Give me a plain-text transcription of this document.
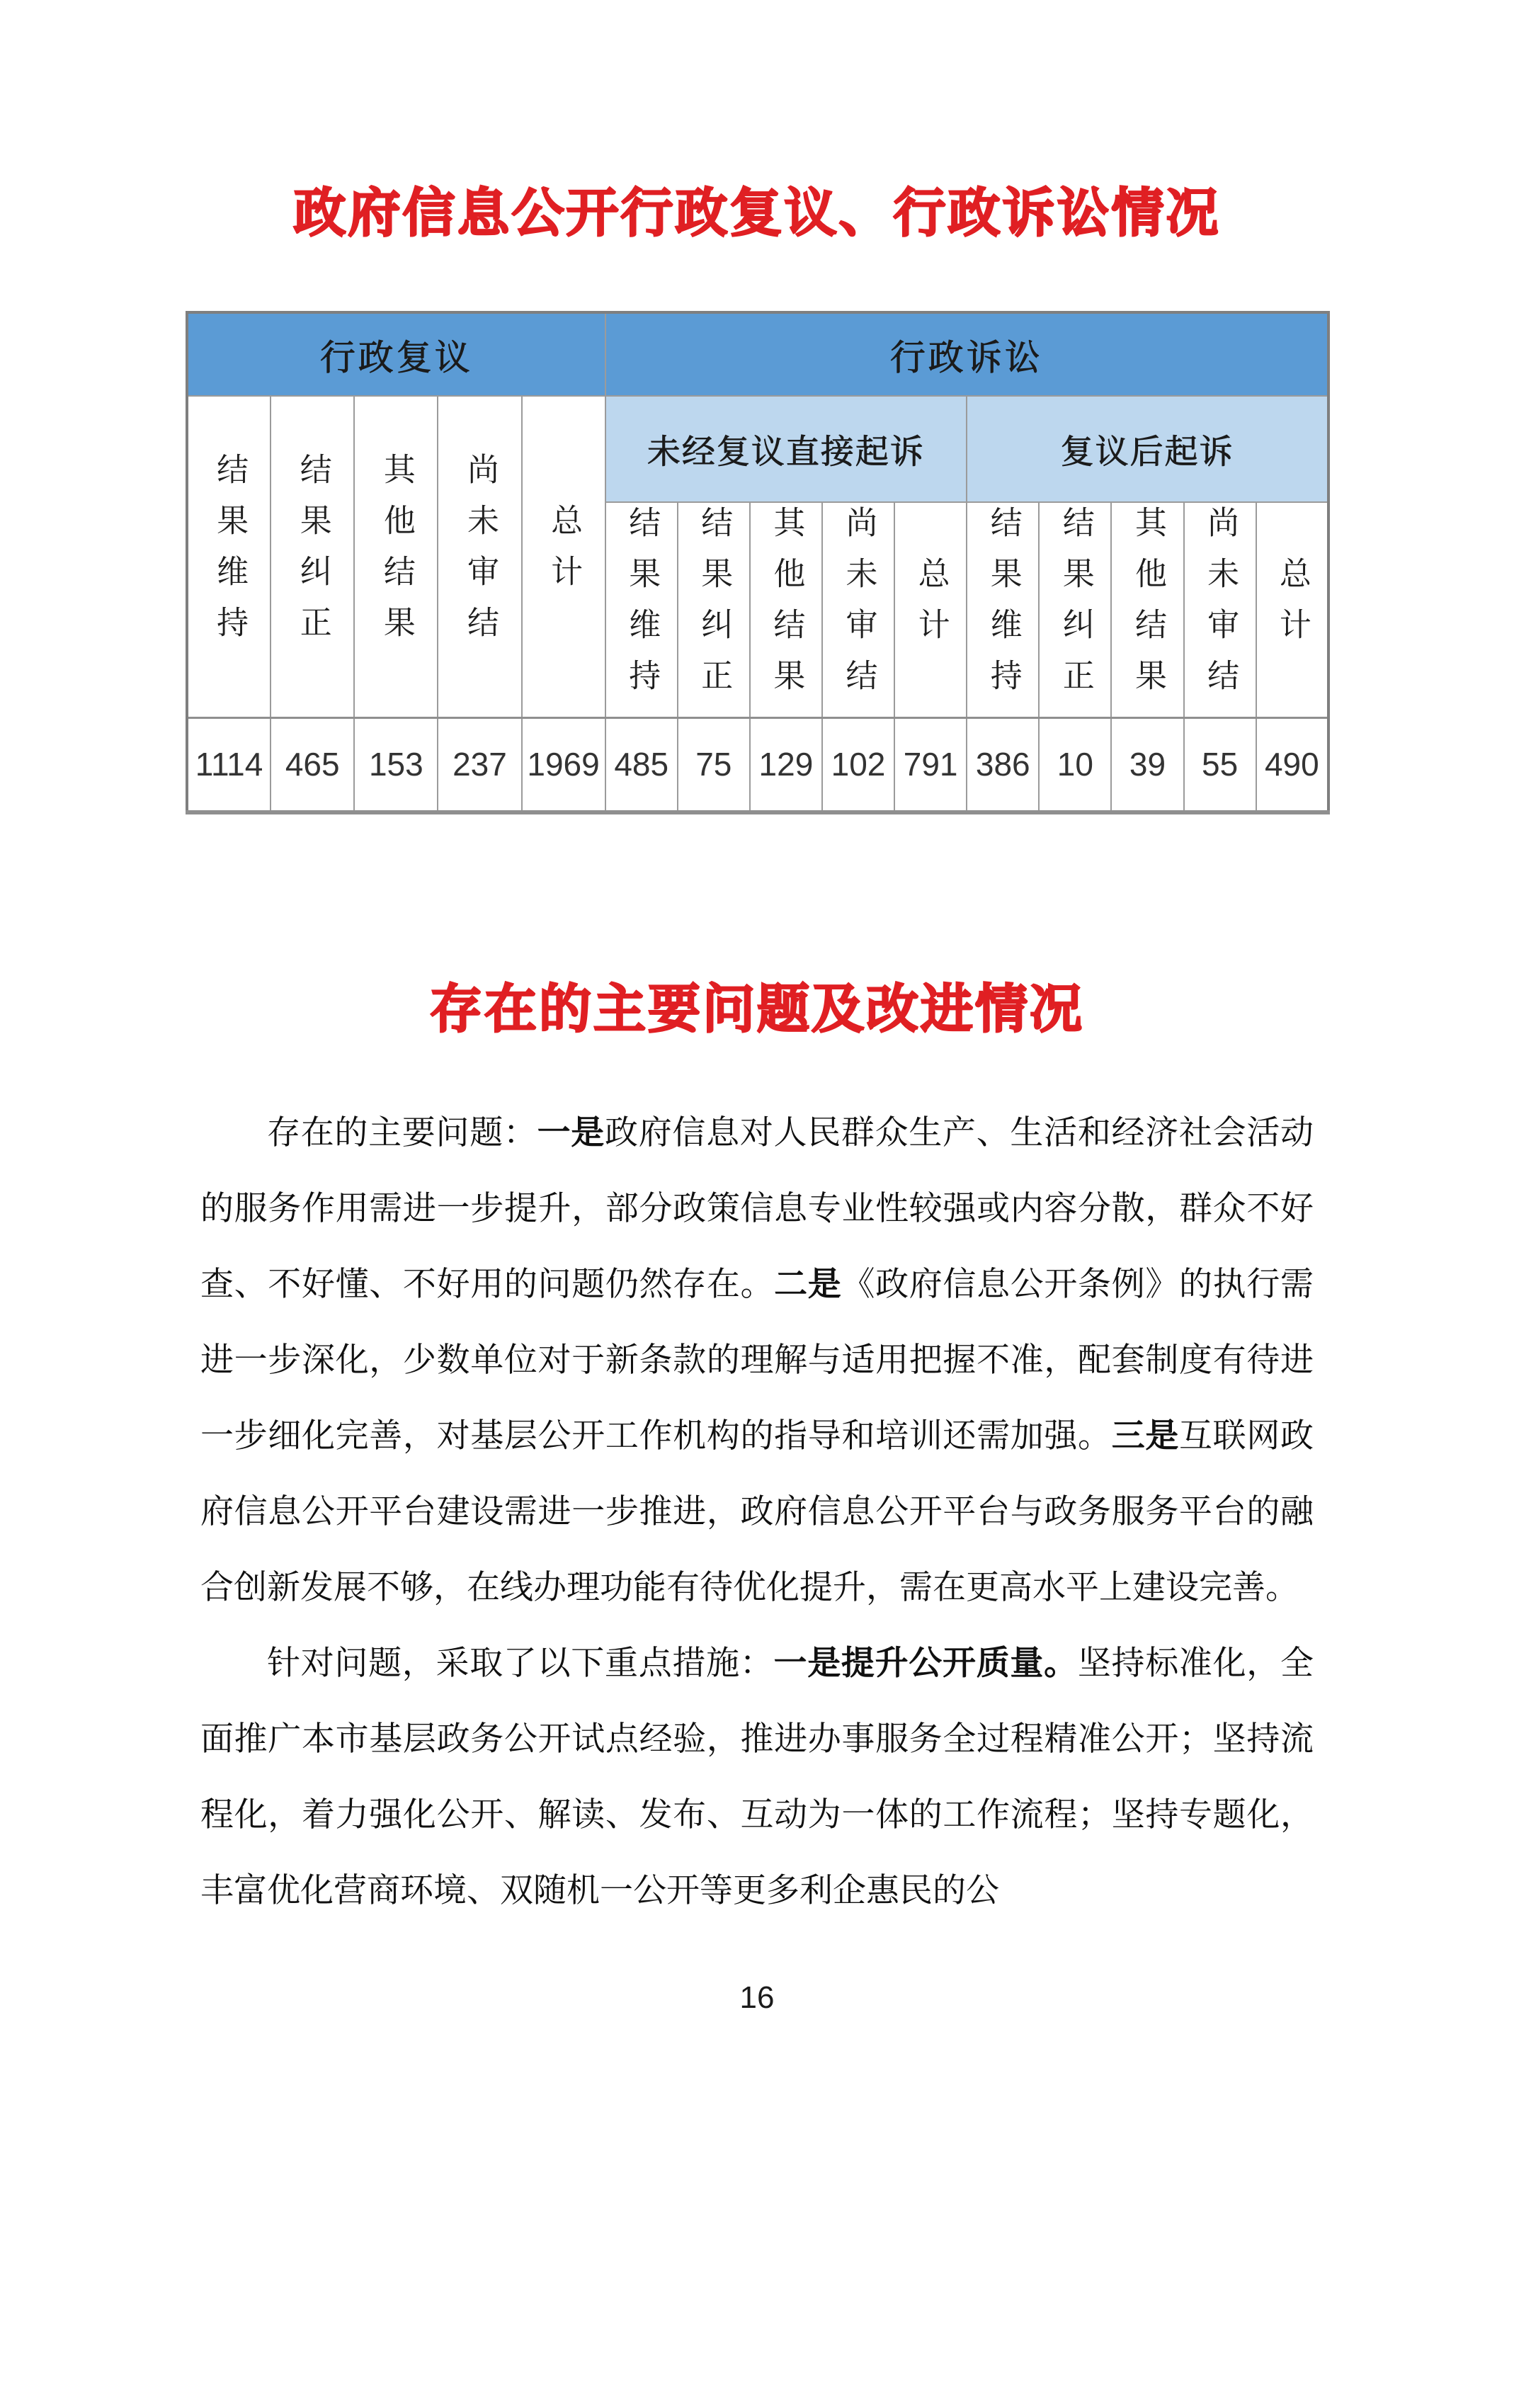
政府信息公开行政复议、行政诉讼情况
行政复议					行政诉讼									
结果维持	结果纠正	其他结果	尚未审结	总计	未经复议直接起诉					复议后起诉				
					结果维持	结果纠正	其他结果	尚未审结	总计	结果维持	结果纠正	其他结果	尚未审结	总计
1114	465	153	237	1969	485	75	129	102	791	386	10	39	55	490
存在的主要问题及改进情况

存在的主要问题：一是政府信息对人民群众生产、生活和经济社会活动的服务作用需进一步提升，部分政策信息专业性较强或内容分散，群众不好查、不好懂、不好用的问题仍然存在。二是《政府信息公开条例》的执行需进一步深化，少数单位对于新条款的理解与适用把握不准，配套制度有待进一步细化完善，对基层公开工作机构的指导和培训还需加强。三是互联网政府信息公开平台建设需进一步推进，政府信息公开平台与政务服务平台的融合创新发展不够，在线办理功能有待优化提升，需在更高水平上建设完善。

针对问题，采取了以下重点措施：一是提升公开质量。坚持标准化，全面推广本市基层政务公开试点经验，推进办事服务全过程精准公开；坚持流程化，着力强化公开、解读、发布、互动为一体的工作流程；坚持专题化，丰富优化营商环境、双随机一公开等更多利企惠民的公

16
